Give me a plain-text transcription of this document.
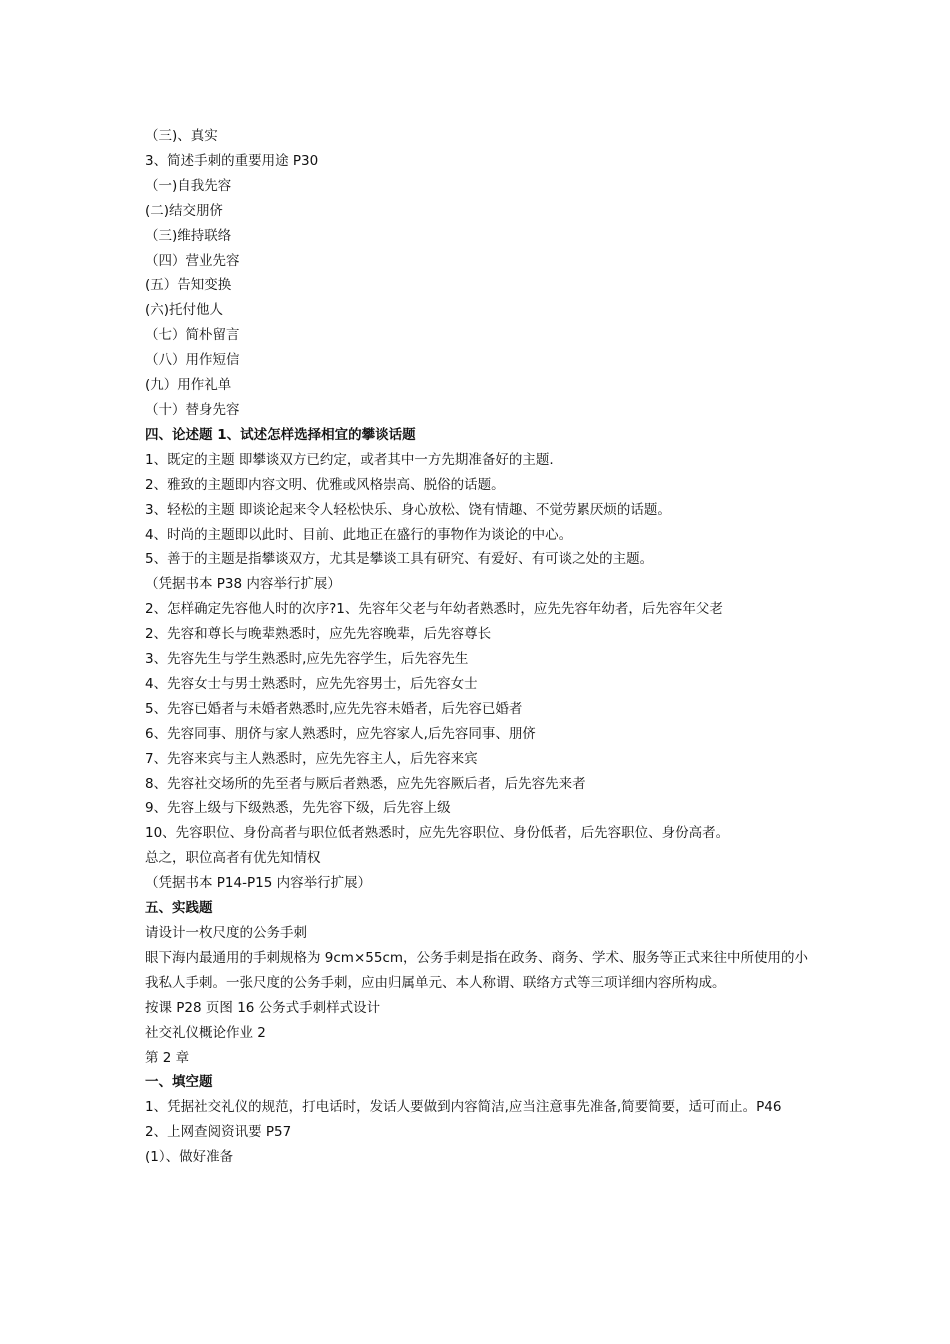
（三)、真实

3、简述手刺的重要用途 P30

（一)自我先容

(二)结交朋侪

（三)维持联络

（四）营业先容

(五）告知变换

(六)托付他人

（七）简朴留言

（八）用作短信

(九）用作礼单

（十）替身先容

四、论述题 1、试述怎样选择相宜的攀谈话题

1、既定的主题 即攀谈双方已约定，或者其中一方先期准备好的主题.

2、雅致的主题即内容文明、优雅或风格崇高、脱俗的话题。

3、轻松的主题 即谈论起来令人轻松快乐、身心放松、饶有情趣、不觉劳累厌烦的话题。

4、时尚的主题即以此时、目前、此地正在盛行的事物作为谈论的中心。

5、善于的主题是指攀谈双方，尤其是攀谈工具有研究、有爱好、有可谈之处的主题。

（凭据书本 P38 内容举行扩展）

2、怎样确定先容他人时的次序?1、先容年父老与年幼者熟悉时，应先先容年幼者，后先容年父老

2、先容和尊长与晚辈熟悉时，应先先容晚辈，后先容尊长

3、先容先生与学生熟悉时,应先先容学生，后先容先生

4、先容女士与男士熟悉时，应先先容男士，后先容女士

5、先容已婚者与未婚者熟悉时,应先先容未婚者，后先容已婚者

6、先容同事、朋侪与家人熟悉时，应先容家人,后先容同事、朋侪

7、先容来宾与主人熟悉时，应先先容主人，后先容来宾

8、先容社交场所的先至者与厥后者熟悉，应先先容厥后者，后先容先来者

9、先容上级与下级熟悉，先先容下级，后先容上级

10、先容职位、身份高者与职位低者熟悉时，应先先容职位、身份低者，后先容职位、身份高者。

总之，职位高者有优先知情权

（凭据书本 P14-P15 内容举行扩展）

五、实践题

请设计一枚尺度的公务手刺

眼下海内最通用的手刺规格为 9cm×55cm，公务手刺是指在政务、商务、学术、服务等正式来往中所使用的小我私人手刺。一张尺度的公务手刺，应由归属单元、本人称谓、联络方式等三项详细内容所构成。

按课 P28 页图 16 公务式手刺样式设计

社交礼仪概论作业 2

第 2 章

一、填空题

1、凭据社交礼仪的规范，打电话时，发话人要做到内容简洁,应当注意事先准备,简要简要，适可而止。P46

2、上网查阅资讯要 P57

(1）、做好准备
